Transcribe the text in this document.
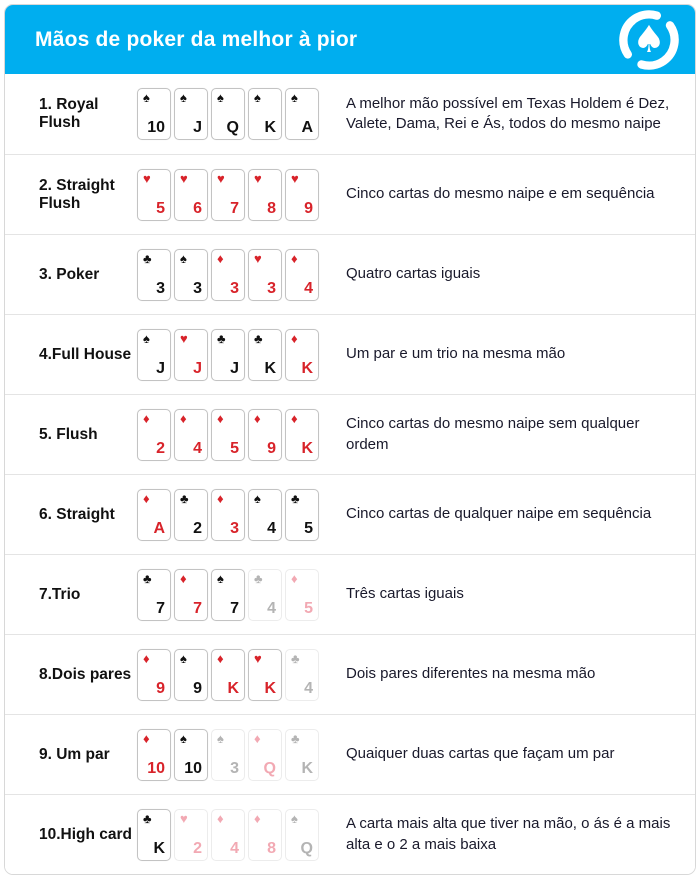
Mãos de poker da melhor à pior	♠
1. Royal Flush
♠
10
♠
J
♠
Q
♠
K
♠
A
A melhor mão possível em Texas Holdem é Dez, Valete, Dama, Rei e Ás, todos do mesmo naipe
2. Straight Flush
♥
5
♥
6
♥
7
♥
8
♥
9
Cinco cartas do mesmo naipe e em sequência
3. Poker
♣
3
♠
3
♦
3
♥
3
♦
4
Quatro cartas iguais
4.Full House
♠
J
♥
J
♣
J
♣
K
♦
K
Um par e um trio na mesma mão
5. Flush
♦
2
♦
4
♦
5
♦
9
♦
K
Cinco cartas do mesmo naipe sem qualquer ordem
6. Straight
♦
A
♣
2
♦
3
♠
4
♣
5
Cinco cartas de qualquer naipe em sequência
7.Trio
♣
7
♦
7
♠
7
♣
4
♦
5
Três cartas iguais
8.Dois pares
♦
9
♠
9
♦
K
♥
K
♣
4
Dois pares diferentes na mesma mão
9. Um par
♦
10
♠
10
♠
3
♦
Q
♣
K
Quaiquer duas cartas que façam um par
10.High card
♣
K
♥
2
♦
4
♦
8
♠
Q
A carta mais alta que tiver na mão, o ás é a mais alta e o 2 a mais baixa
